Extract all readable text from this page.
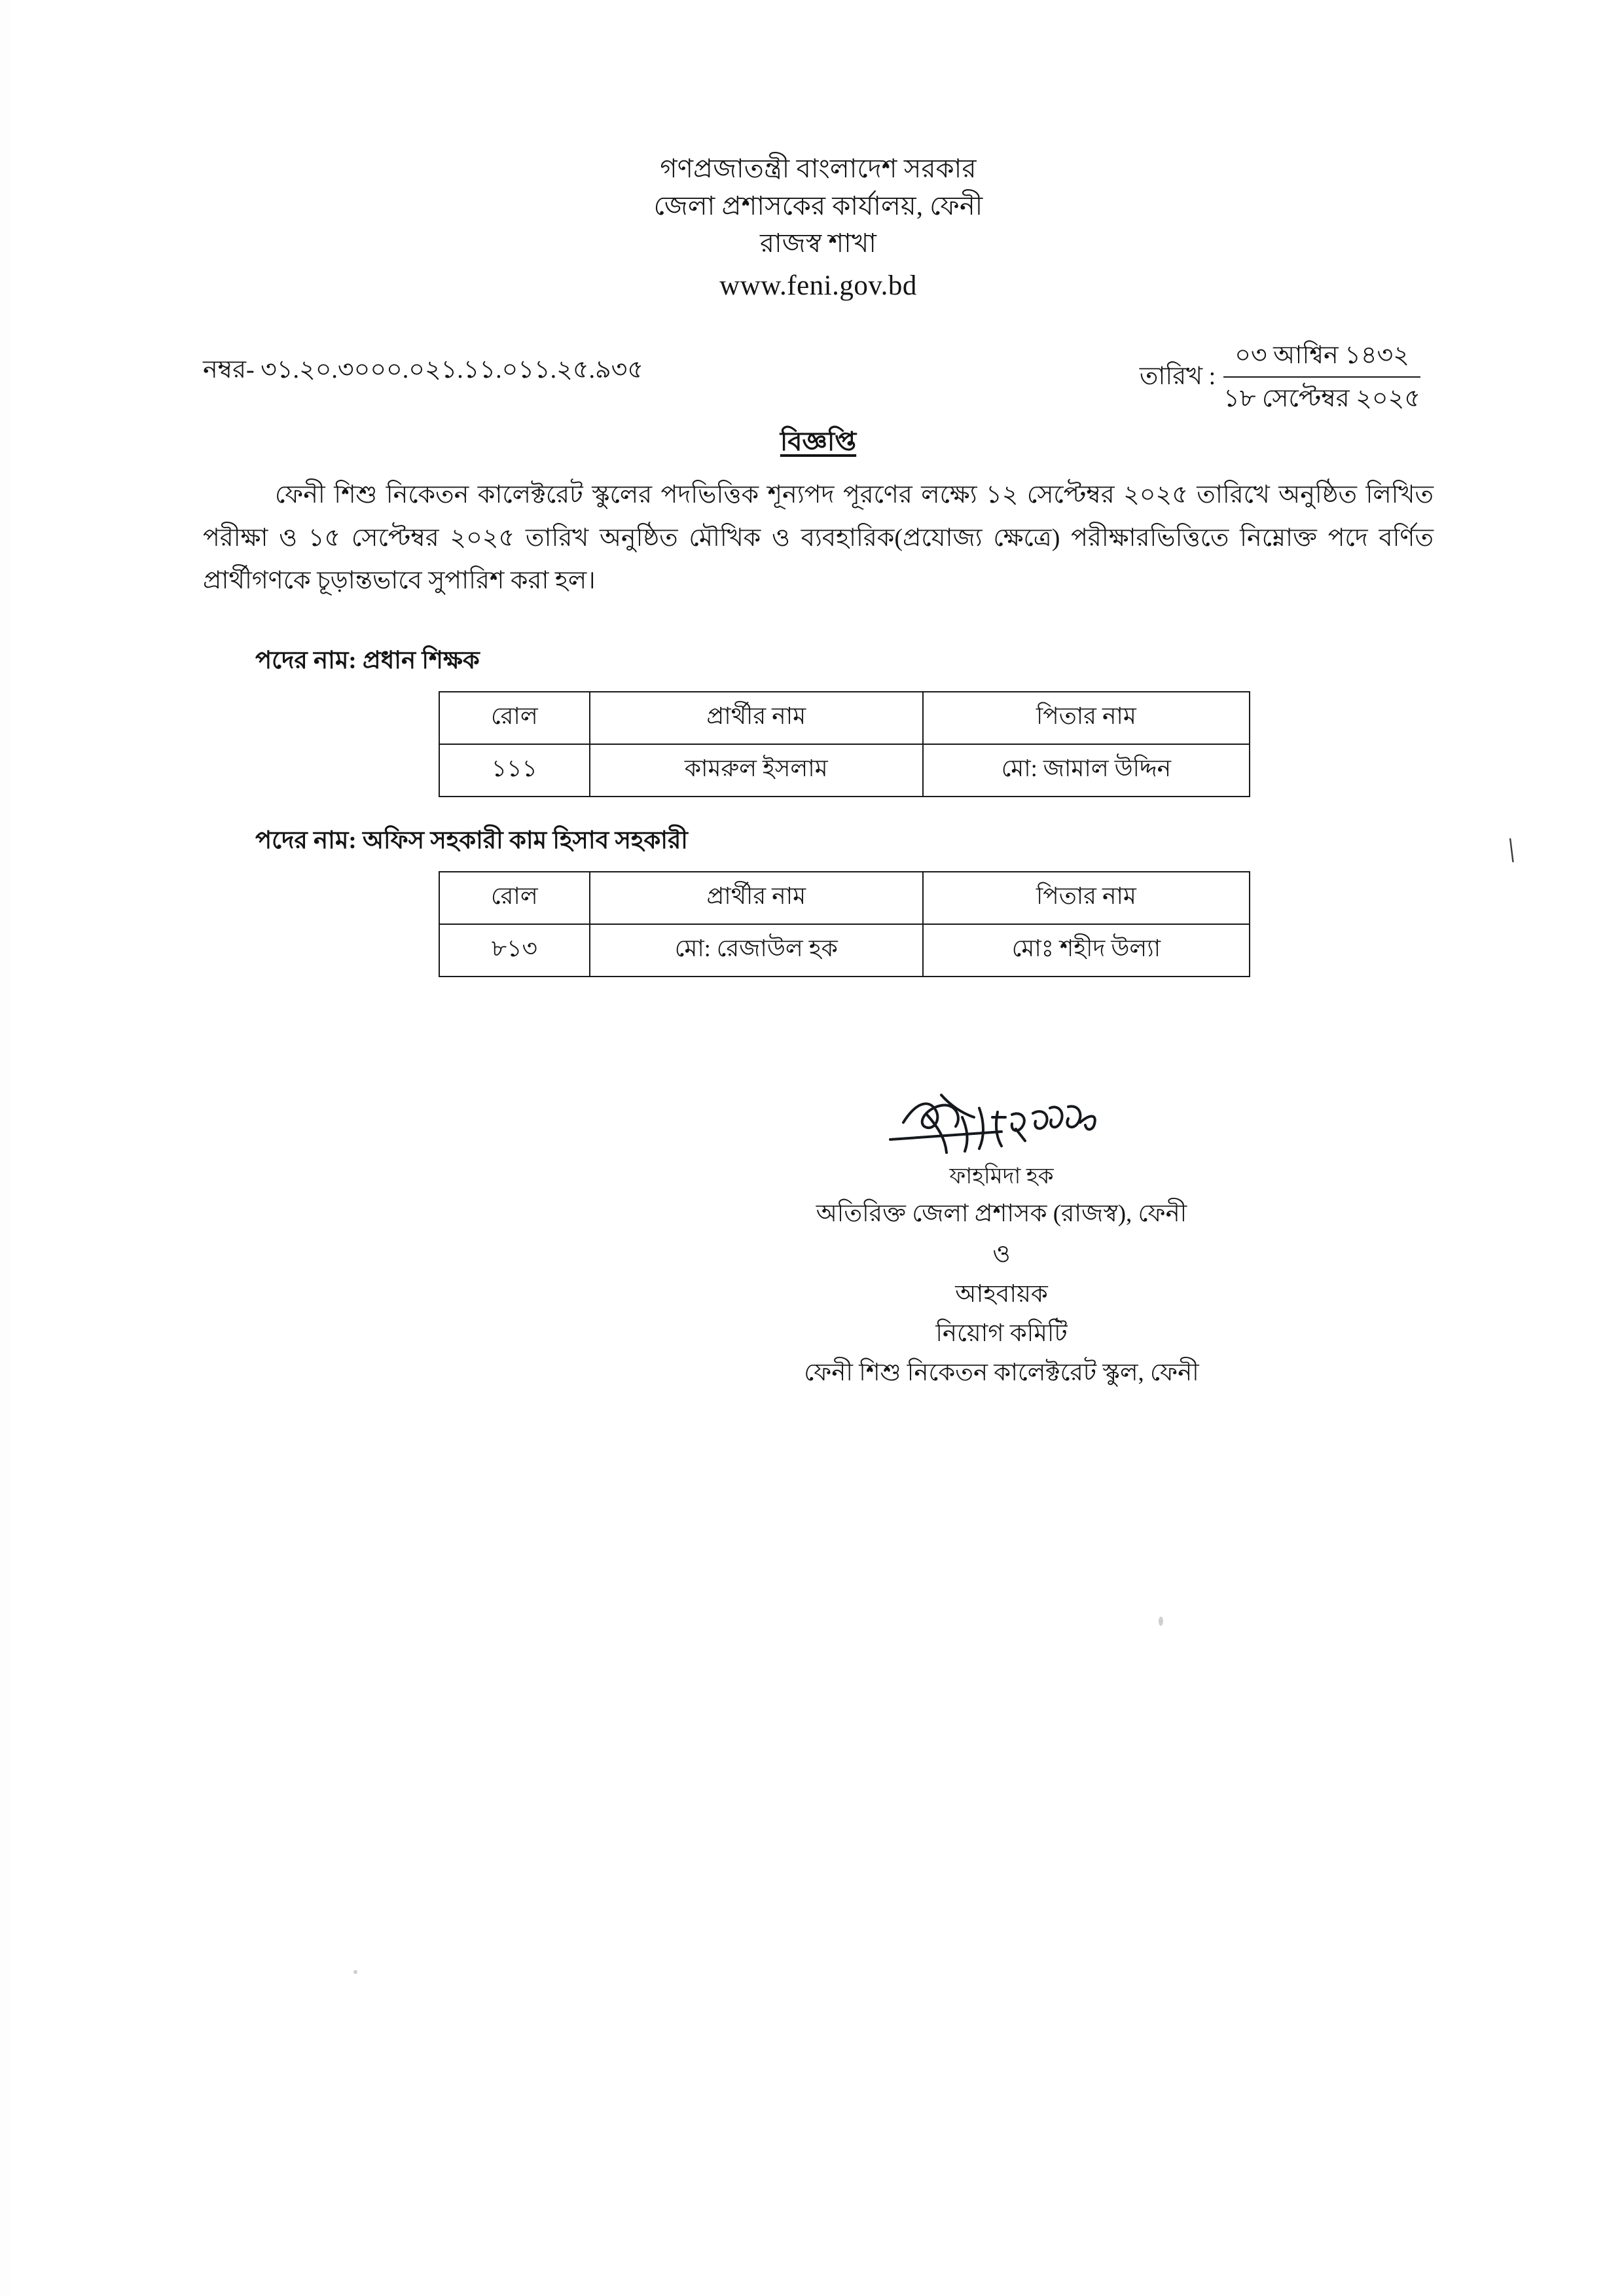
\
গণপ্রজাতন্ত্রী বাংলাদেশ সরকার
জেলা প্রশাসকের কার্যালয়, ফেনী
রাজস্ব শাখা
www.feni.gov.bd
নম্বর- ৩১.২০.৩০০০.০২১.১১.০১১.২৫.৯৩৫	তারিখ :
০৩ আশ্বিন ১৪৩২
১৮ সেপ্টেম্বর ২০২৫
বিজ্ঞপ্তি
ফেনী শিশু নিকেতন কালেক্টরেট স্কুলের পদভিত্তিক শূন্যপদ পূরণের লক্ষ্যে ১২ সেপ্টেম্বর ২০২৫ তারিখে অনুষ্ঠিত লিখিত পরীক্ষা ও ১৫ সেপ্টেম্বর ২০২৫ তারিখ অনুষ্ঠিত মৌখিক ও ব্যবহারিক(প্রযোজ্য ক্ষেত্রে) পরীক্ষারভিত্তিতে নিম্নোক্ত পদে বর্ণিত প্রার্থীগণকে চূড়ান্তভাবে সুপারিশ করা হল।
পদের নাম: প্রধান শিক্ষক
রোল	প্রার্থীর নাম	পিতার নাম
১১১	কামরুল ইসলাম	মো: জামাল উদ্দিন
পদের নাম: অফিস সহকারী কাম হিসাব সহকারী
রোল	প্রার্থীর নাম	পিতার নাম
৮১৩	মো: রেজাউল হক	মোঃ শহীদ উল্যা
ফাহমিদা হক
অতিরিক্ত জেলা প্রশাসক (রাজস্ব), ফেনী
ও
আহবায়ক
নিয়োগ কমিটি
ফেনী শিশু নিকেতন কালেক্টরেট স্কুল, ফেনী
